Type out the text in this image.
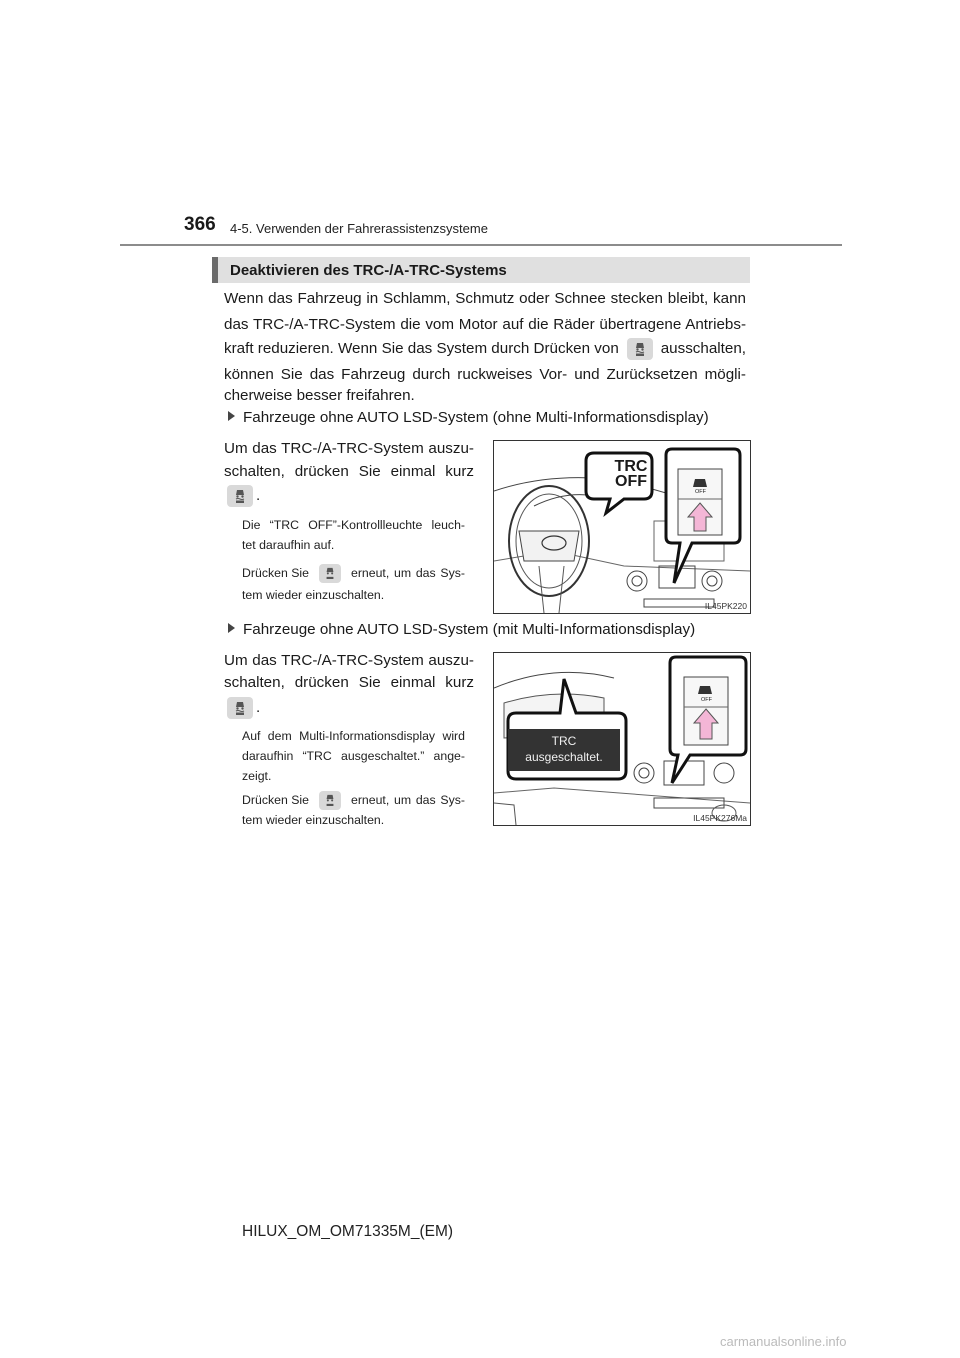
366 4-5. Verwenden der Fahrerassistenzsysteme
Deaktivieren des TRC-/A-TRC-Systems
Wenn das Fahrzeug in Schlamm, Schmutz oder Schnee stecken bleibt, kann
das TRC-/A-TRC-System die vom Motor auf die Räder übertragene Antriebs-
kraft reduzieren. Wenn Sie das System durch Drücken von	ausschalten,
können Sie das Fahrzeug durch ruckweises Vor- und Zurücksetzen mögli-
cherweise besser freifahren.
Fahrzeuge ohne AUTO LSD-System (ohne Multi-Informationsdisplay)
Um das TRC-/A-TRC-System auszu-
schalten, drücken Sie einmal kurz
.
Die “TRC OFF”-Kontrollleuchte leuch-
tet daraufhin auf.
Drücken Sie	erneut, um das Sys-
tem wieder einzuschalten.
TRC
OFF
OFF
IL45PK220
Fahrzeuge ohne AUTO LSD-System (mit Multi-Informationsdisplay)
Um das TRC-/A-TRC-System auszu-
schalten, drücken Sie einmal kurz
.
Auf dem Multi-Informationsdisplay wird
daraufhin “TRC ausgeschaltet.” ange-
zeigt.
Drücken Sie	erneut, um das Sys-
tem wieder einzuschalten.
TRC
ausgeschaltet.
OFF
IL45PK276Ma
HILUX_OM_OM71335M_(EM)
carmanualsonline.info
